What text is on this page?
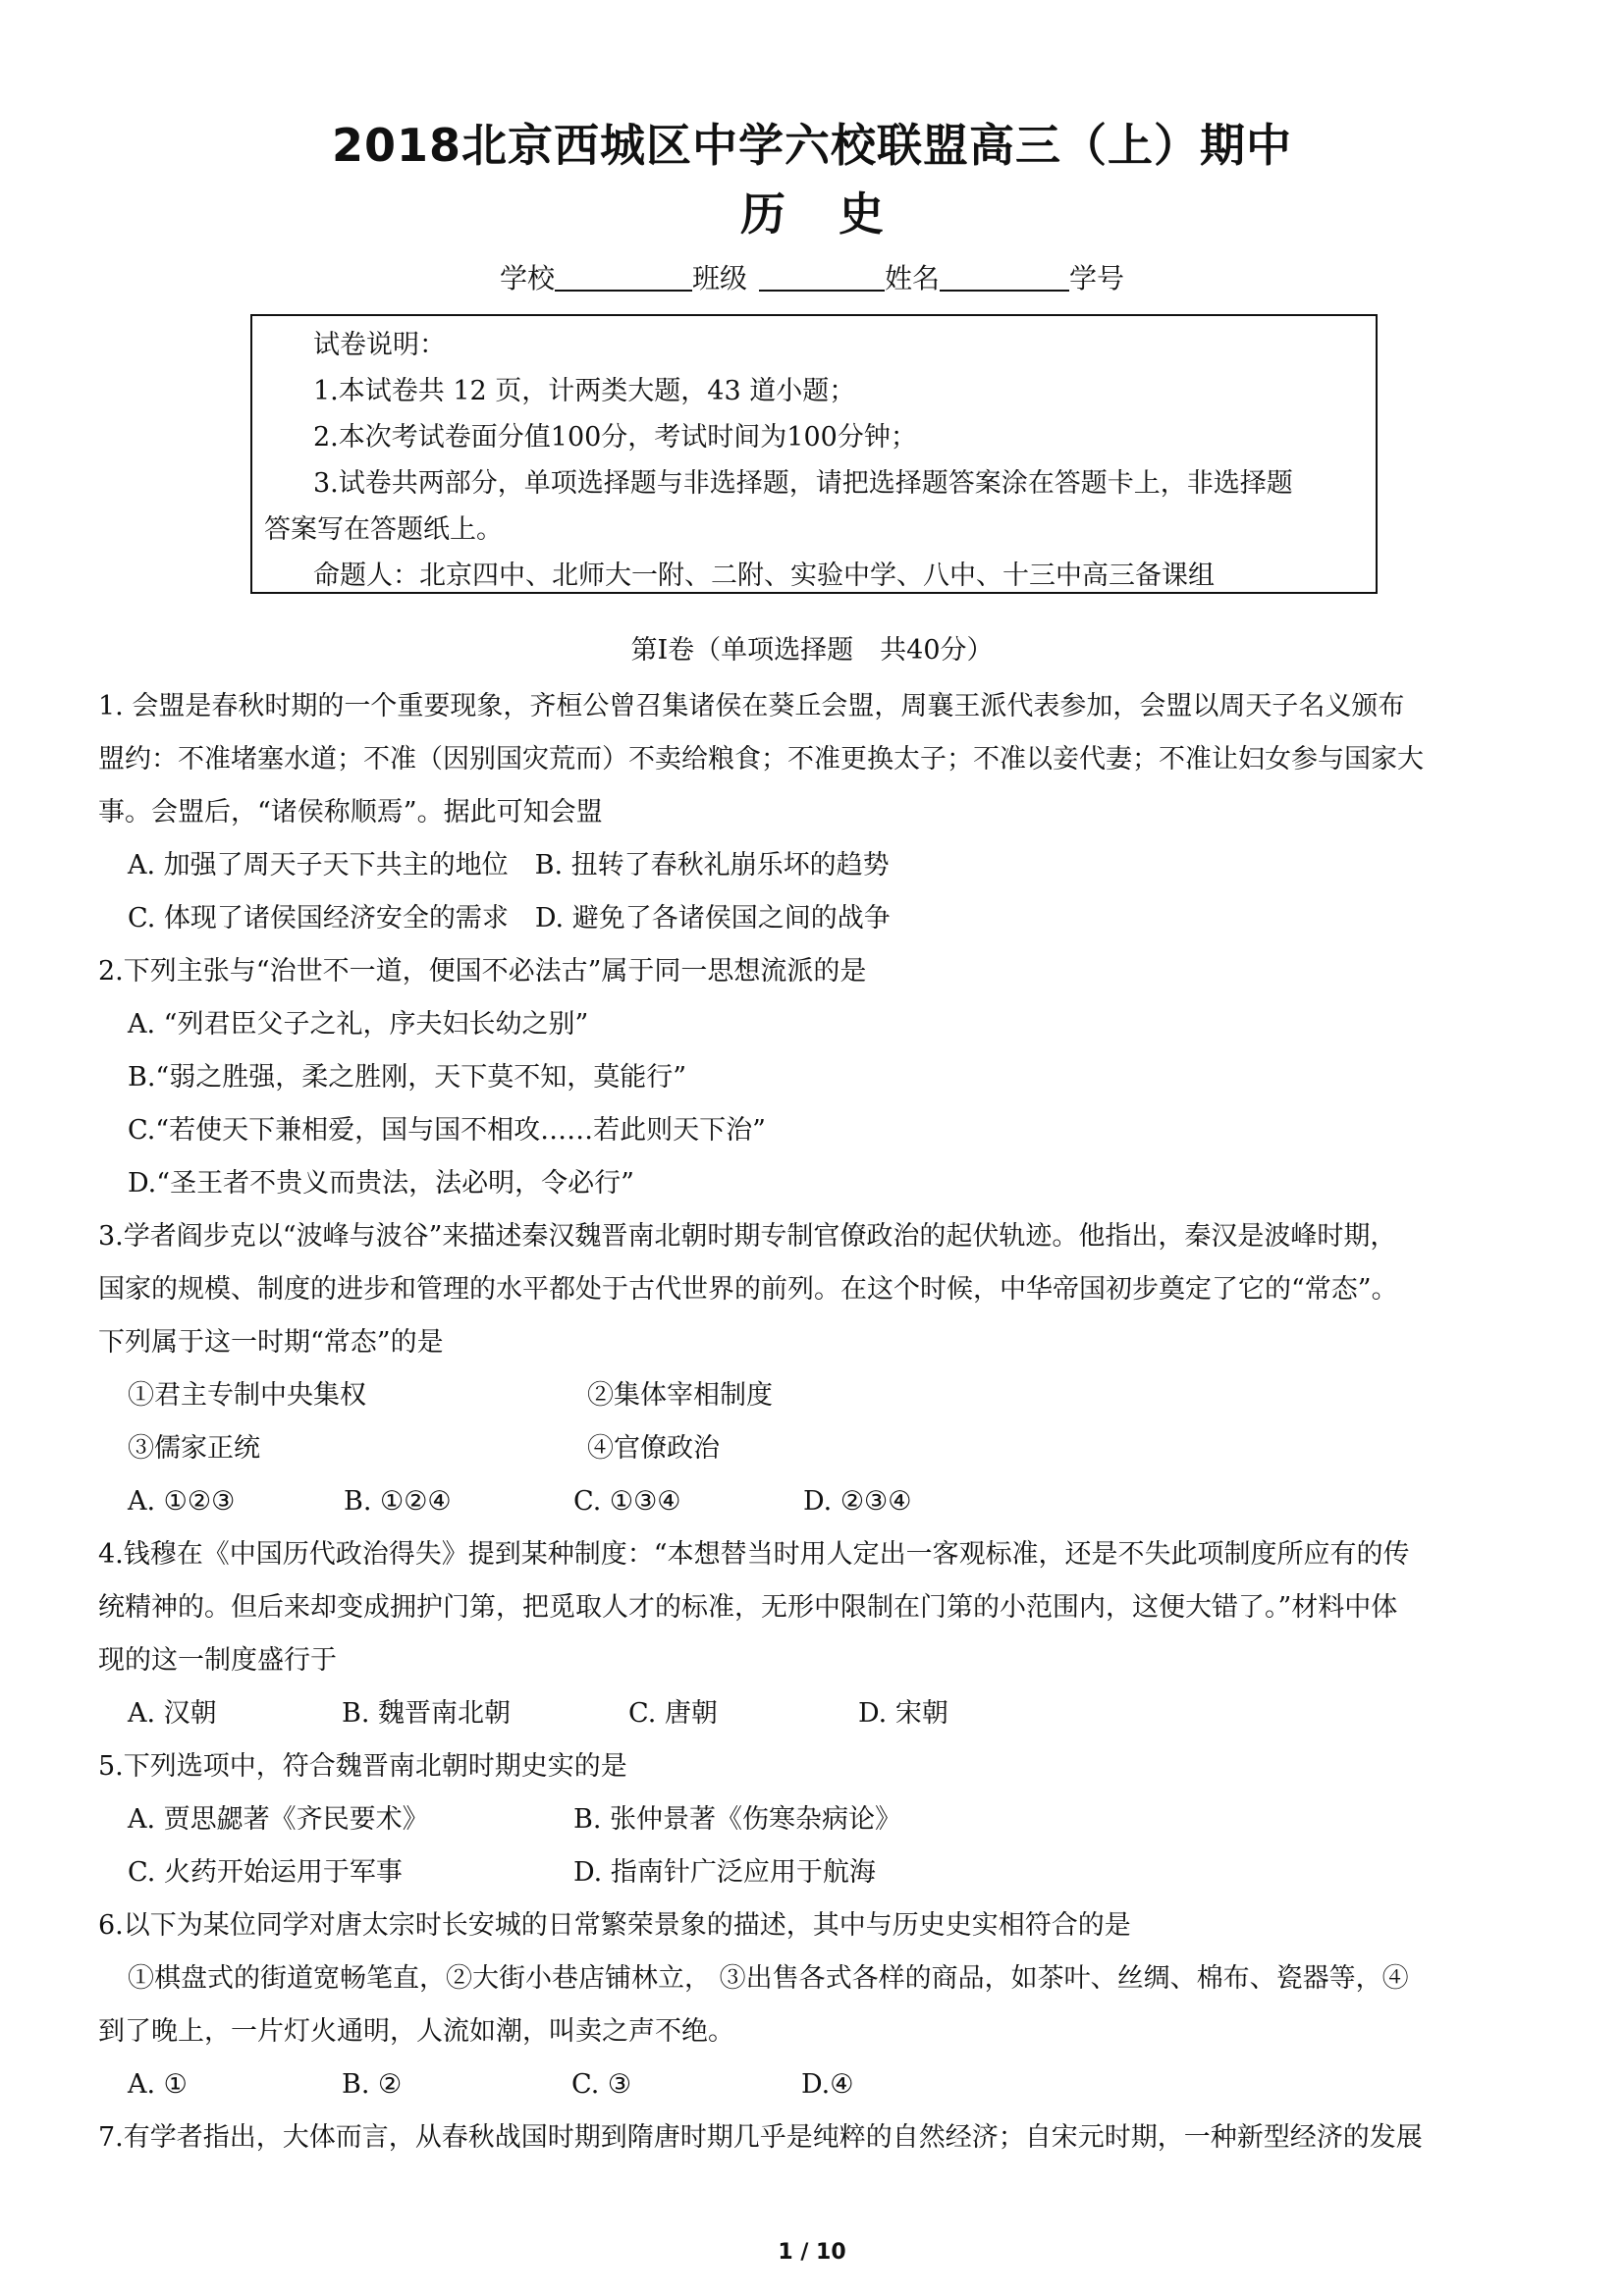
2018北京西城区中学六校联盟高三（上）期中
历史
学校	班级	姓名	学号
试卷说明：
1.本试卷共 12 页，计两类大题，43 道小题；
2.本次考试卷面分值100分，考试时间为100分钟；
3.试卷共两部分，单项选择题与非选择题，请把选择题答案涂在答题卡上，非选择题
答案写在答题纸上。
命题人：北京四中、北师大一附、二附、实验中学、八中、十三中高三备课组
第Ⅰ卷（单项选择题　共40分）

1. 会盟是春秋时期的一个重要现象，齐桓公曾召集诸侯在葵丘会盟，周襄王派代表参加，会盟以周天子名义颁布

盟约：不准堵塞水道；不准（因别国灾荒而）不卖给粮食；不准更换太子；不准以妾代妻；不准让妇女参与国家大

事。会盟后，“诸侯称顺焉”。据此可知会盟

A. 加强了周天子天下共主的地位　B. 扭转了春秋礼崩乐坏的趋势

C. 体现了诸侯国经济安全的需求　D. 避免了各诸侯国之间的战争

2.下列主张与“治世不一道，便国不必法古”属于同一思想流派的是

A. “列君臣父子之礼，序夫妇长幼之别”

B.“弱之胜强，柔之胜刚，天下莫不知，莫能行”

C.“若使天下兼相爱，国与国不相攻……若此则天下治”

D.“圣王者不贵义而贵法，法必明，令必行”

3.学者阎步克以“波峰与波谷”来描述秦汉魏晋南北朝时期专制官僚政治的起伏轨迹。他指出，秦汉是波峰时期，

国家的规模、制度的进步和管理的水平都处于古代世界的前列。在这个时候，中华帝国初步奠定了它的“常态”。

下列属于这一时期“常态”的是

①君主专制中央集权	②集体宰相制度
③儒家正统	④官僚政治
A. ①②③	B. ①②④	C. ①③④	D. ②③④

4.钱穆在《中国历代政治得失》提到某种制度：“本想替当时用人定出一客观标准，还是不失此项制度所应有的传

统精神的。但后来却变成拥护门第，把觅取人才的标准，无形中限制在门第的小范围内，这便大错了。”材料中体

现的这一制度盛行于

A. 汉朝	B. 魏晋南北朝	C. 唐朝	D. 宋朝

5.下列选项中，符合魏晋南北朝时期史实的是

A. 贾思勰著《齐民要术》	B. 张仲景著《伤寒杂病论》
C. 火药开始运用于军事	D. 指南针广泛应用于航海

6.以下为某位同学对唐太宗时长安城的日常繁荣景象的描述，其中与历史史实相符合的是

①棋盘式的街道宽畅笔直，②大街小巷店铺林立， ③出售各式各样的商品，如茶叶、丝绸、棉布、瓷器等，④

到了晚上，一片灯火通明，人流如潮，叫卖之声不绝。

A. ①	B. ②	C. ③	D.④

7.有学者指出，大体而言，从春秋战国时期到隋唐时期几乎是纯粹的自然经济；自宋元时期，一种新型经济的发展

1 / 10
